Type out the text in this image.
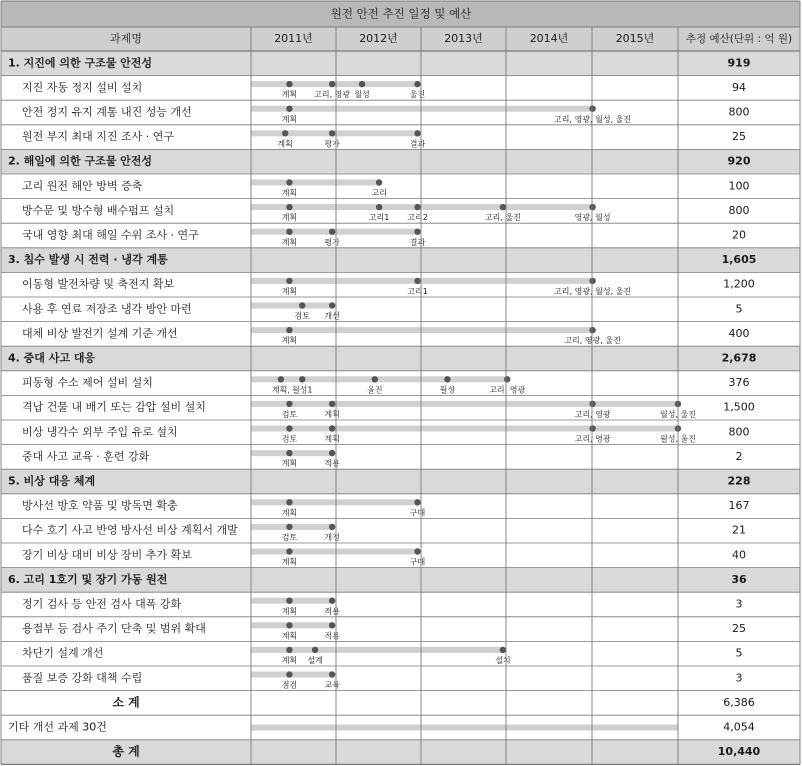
원전 안전 추진 일정 및 예산
과제명	2011년	2012년	2013년	2014년	2015년	추정 예산(단위 : 억 원)
1. 지진에 의한 구조물 안전성	919
지진 자동 정지 설비 설치	94
계획 고리, 영광 월성	울진
안전 정지 유지 계통 내진 성능 개선	800
계획	고리, 영광, 월성, 울진
원전 부지 최대 지진 조사 · 연구	25
계획	평가	결과
2. 해일에 의한 구조물 안전성	920
고리 원전 해안 방벽 증축	100
계획	고리
방수문 및 방수형 배수펌프 설치	800
계획	고리1 고리2	고리, 울진	영광, 월성
국내 영향 최대 해일 수위 조사 · 연구	20
계획	평가	결과
3. 침수 발생 시 전력 · 냉각 계통	1,605
이동형 발전차량 및 축전지 확보	1,200
계획	고리1	고리, 영광, 월성, 울진
사용 후 연료 저장조 냉각 방안 마련	5
검토 개선
대체 비상 발전기 설계 기준 개선	400
계획	고리, 영광, 울진
4. 중대 사고 대응	2,678
피동형 수소 제어 설비 설치	376
계획, 월성1	울진	월성	고리, 영광
격납 건물 내 배기 또는 감압 설비 설치	1,500
검토	계획	고리, 영광	월성, 울진
비상 냉각수 외부 주입 유로 설치	800
검토	계획	고리, 영광	월성, 울진
중대 사고 교육 · 훈련 강화	2
계획	적용
5. 비상 대응 체계	228
방사선 방호 약품 및 방독면 확충	167
계획	구매
다수 호기 사고 반영 방사선 비상 계획서 개발	21
검토	개정
장기 비상 대비 비상 장비 추가 확보	40
계획	구매
6. 고리 1호기 및 장기 가동 원전	36
정기 검사 등 안전 검사 대폭 강화	3
계획	적용
용접부 등 검사 주기 단축 및 범위 확대	25
계획	적용
차단기 설계 개선	5
계획 설계	설치
품질 보증 강화 대책 수립	3
점검	교육
소 계	6,386
기타 개선 과제 30건	4,054
총 계	10,440
